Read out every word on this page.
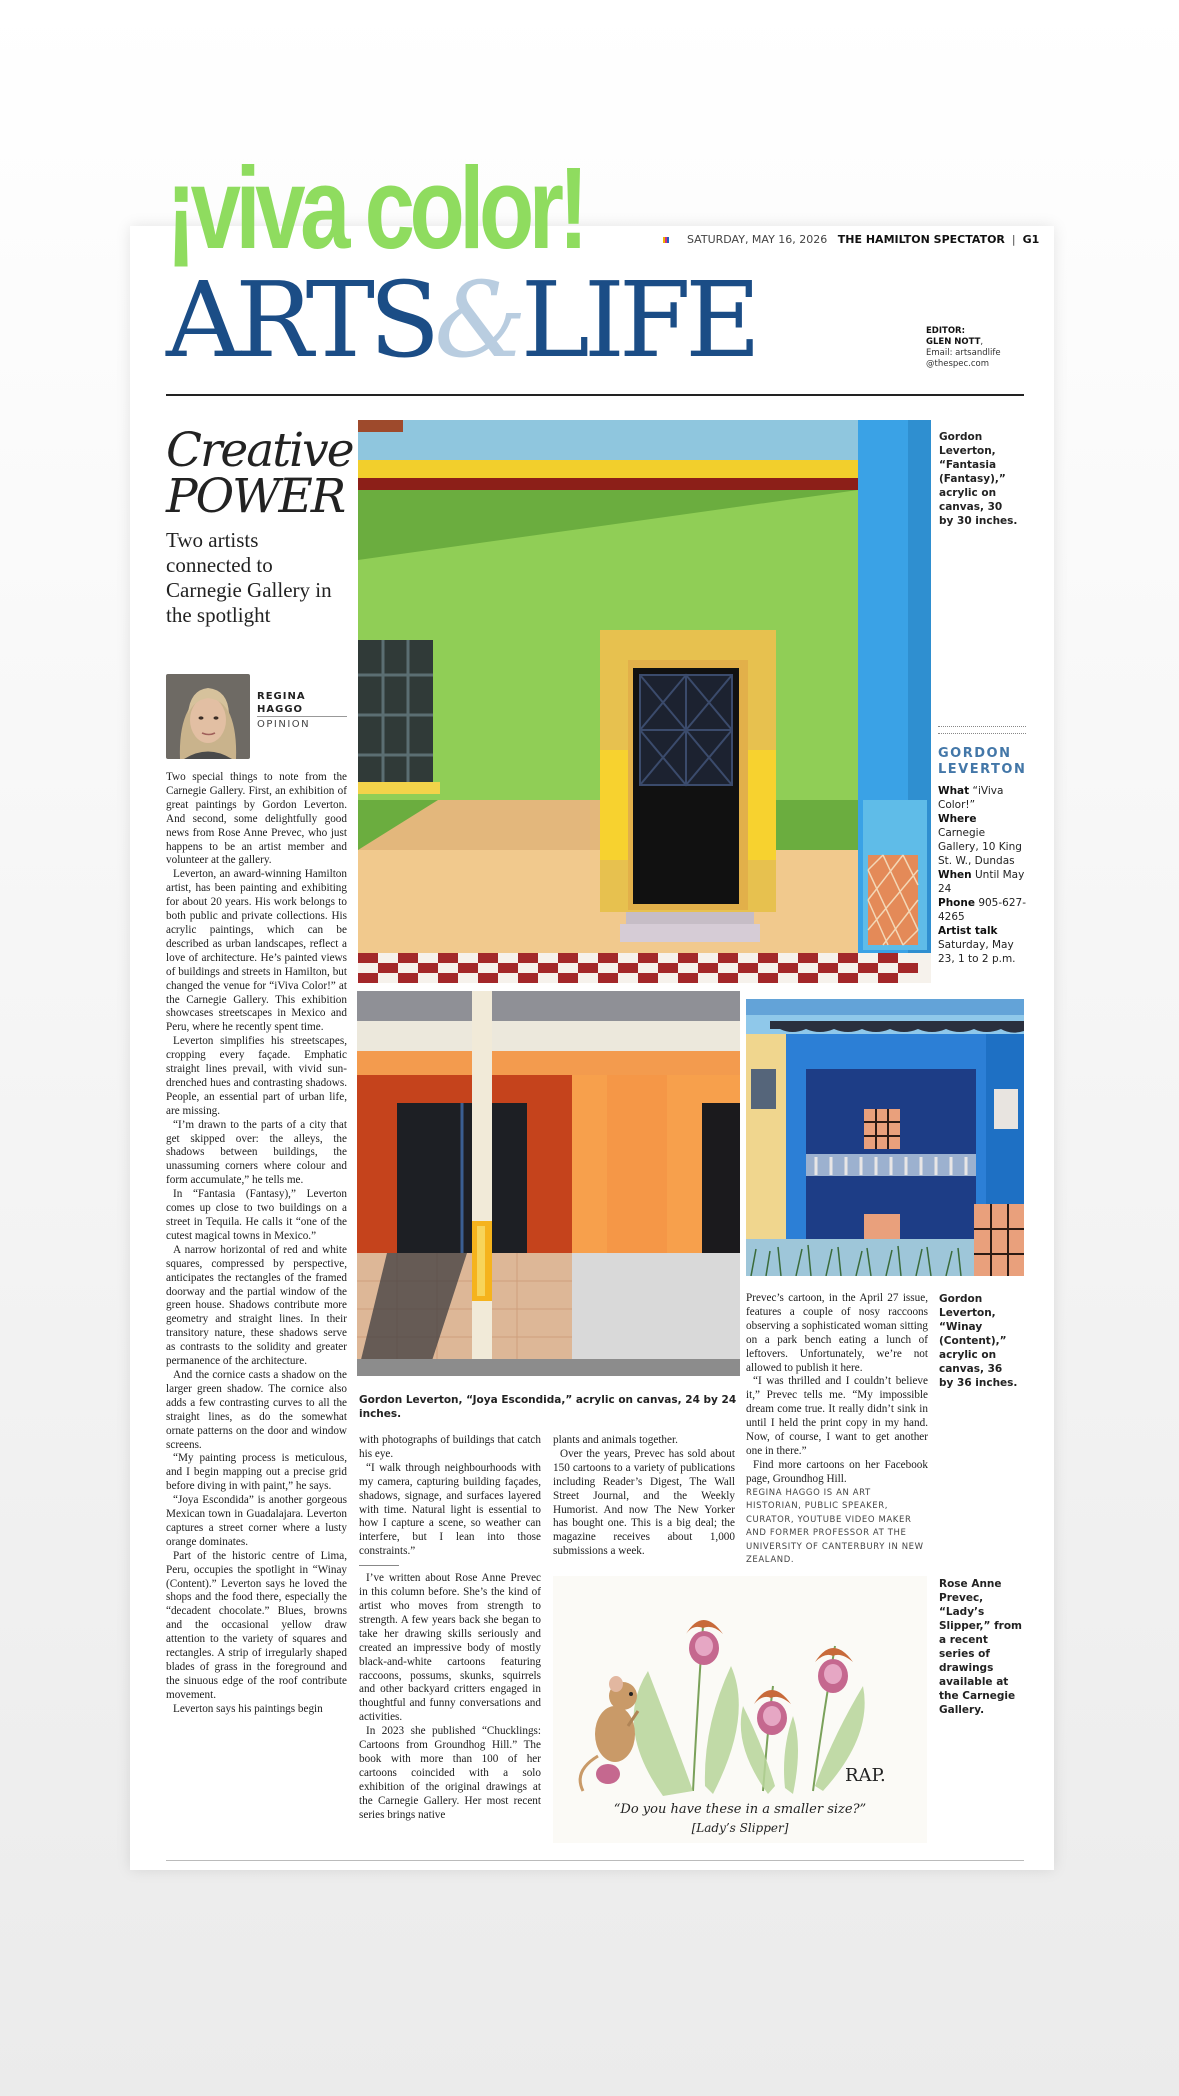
¡viva color!
ARTS&LIFE
SATURDAY, MAY 16, 2026 THE HAMILTON SPECTATOR | G1
EDITOR:
GLEN NOTT,
Email: artsandlife
@thespec.com
Creative
POWER
Two artists connected to Carnegie Gallery in the spotlight
REGINA
HAGGO
OPINION
Gordon Leverton, “Fantasia (Fantasy),” acrylic on canvas, 30 by 30 inches.
GORDON
LEVERTON
What “iViva Color!”
Where Carnegie Gallery, 10 King St. W., Dundas
When Until May 24
Phone 905-627-4265
Artist talk
Saturday, May 23, 1 to 2 p.m.
Gordon Leverton, “Joya Escondida,” acrylic on canvas, 24 by 24 inches.
Gordon Leverton, “Winay (Content),” acrylic on canvas, 36 by 36 inches.
RAP.
“Do you have these in a smaller size?”
[Lady’s Slipper]
Rose Anne Prevec, “Lady’s Slipper,” from a recent series of drawings available at the Carnegie Gallery.

Two special things to note from the Carnegie Gallery. First, an exhibition of great paintings by Gordon Leverton. And second, some delightfully good news from Rose Anne Prevec, who just happens to be an artist member and volunteer at the gallery.

Leverton, an award-winning Hamilton artist, has been painting and exhibiting for about 20 years. His work belongs to both public and private collections. His acrylic paintings, which can be described as urban landscapes, reflect a love of architecture. He’s painted views of buildings and streets in Hamilton, but changed the venue for “iViva Color!” at the Carnegie Gallery. This exhibition showcases streetscapes in Mexico and Peru, where he recently spent time.

Leverton simplifies his streetscapes, cropping every façade. Emphatic straight lines prevail, with vivid sun-drenched hues and contrasting shadows. People, an essential part of urban life, are missing.

“I’m drawn to the parts of a city that get skipped over: the alleys, the shadows between buildings, the unassuming corners where colour and form accumulate,” he tells me.

In “Fantasia (Fantasy),” Leverton comes up close to two buildings on a street in Tequila. He calls it “one of the cutest magical towns in Mexico.”

A narrow horizontal of red and white squares, compressed by perspective, anticipates the rectangles of the framed doorway and the partial window of the green house. Shadows contribute more geometry and straight lines. In their transitory nature, these shadows serve as contrasts to the solidity and greater permanence of the architecture.

And the cornice casts a shadow on the larger green shadow. The cornice also adds a few contrasting curves to all the straight lines, as do the somewhat ornate patterns on the door and window screens.

“My painting process is meticulous, and I begin mapping out a precise grid before diving in with paint,” he says.

“Joya Escondida” is another gorgeous Mexican town in Guadalajara. Leverton captures a street corner where a lusty orange dominates.

Part of the historic centre of Lima, Peru, occupies the spotlight in “Winay (Content).” Leverton says he loved the shops and the food there, especially the “decadent chocolate.” Blues, browns and the occasional yellow draw attention to the variety of squares and rectangles. A strip of irregularly shaped blades of grass in the foreground and the sinuous edge of the roof contribute movement.

Leverton says his paintings begin

with photographs of buildings that catch his eye.

“I walk through neighbourhoods with my camera, capturing building façades, shadows, signage, and surfaces layered with time. Natural light is essential to how I capture a scene, so weather can interfere, but I lean into those constraints.”

I’ve written about Rose Anne Prevec in this column before. She’s the kind of artist who moves from strength to strength. A few years back she began to take her drawing skills seriously and created an impressive body of mostly black-and-white cartoons featuring raccoons, possums, skunks, squirrels and other backyard critters engaged in thoughtful and funny conversations and activities.

In 2023 she published “Chucklings: Cartoons from Groundhog Hill.” The book with more than 100 of her cartoons coincided with a solo exhibition of the original drawings at the Carnegie Gallery. Her most recent series brings native

plants and animals together.

Over the years, Prevec has sold about 150 cartoons to a variety of publications including Reader’s Digest, The Wall Street Journal, and the Weekly Humorist. And now The New Yorker has bought one. This is a big deal; the magazine receives about 1,000 submissions a week.

Prevec’s cartoon, in the April 27 issue, features a couple of nosy raccoons observing a sophisticated woman sitting on a park bench eating a lunch of leftovers. Unfortunately, we’re not allowed to publish it here.

“I was thrilled and I couldn’t believe it,” Prevec tells me. “My impossible dream come true. It really didn’t sink in until I held the print copy in my hand. Now, of course, I want to get another one in there.”

Find more cartoons on her Facebook page, Groundhog Hill.

REGINA HAGGO IS AN ART HISTORIAN, PUBLIC SPEAKER, CURATOR, YOUTUBE VIDEO MAKER AND FORMER PROFESSOR AT THE UNIVERSITY OF CANTERBURY IN NEW ZEALAND.
